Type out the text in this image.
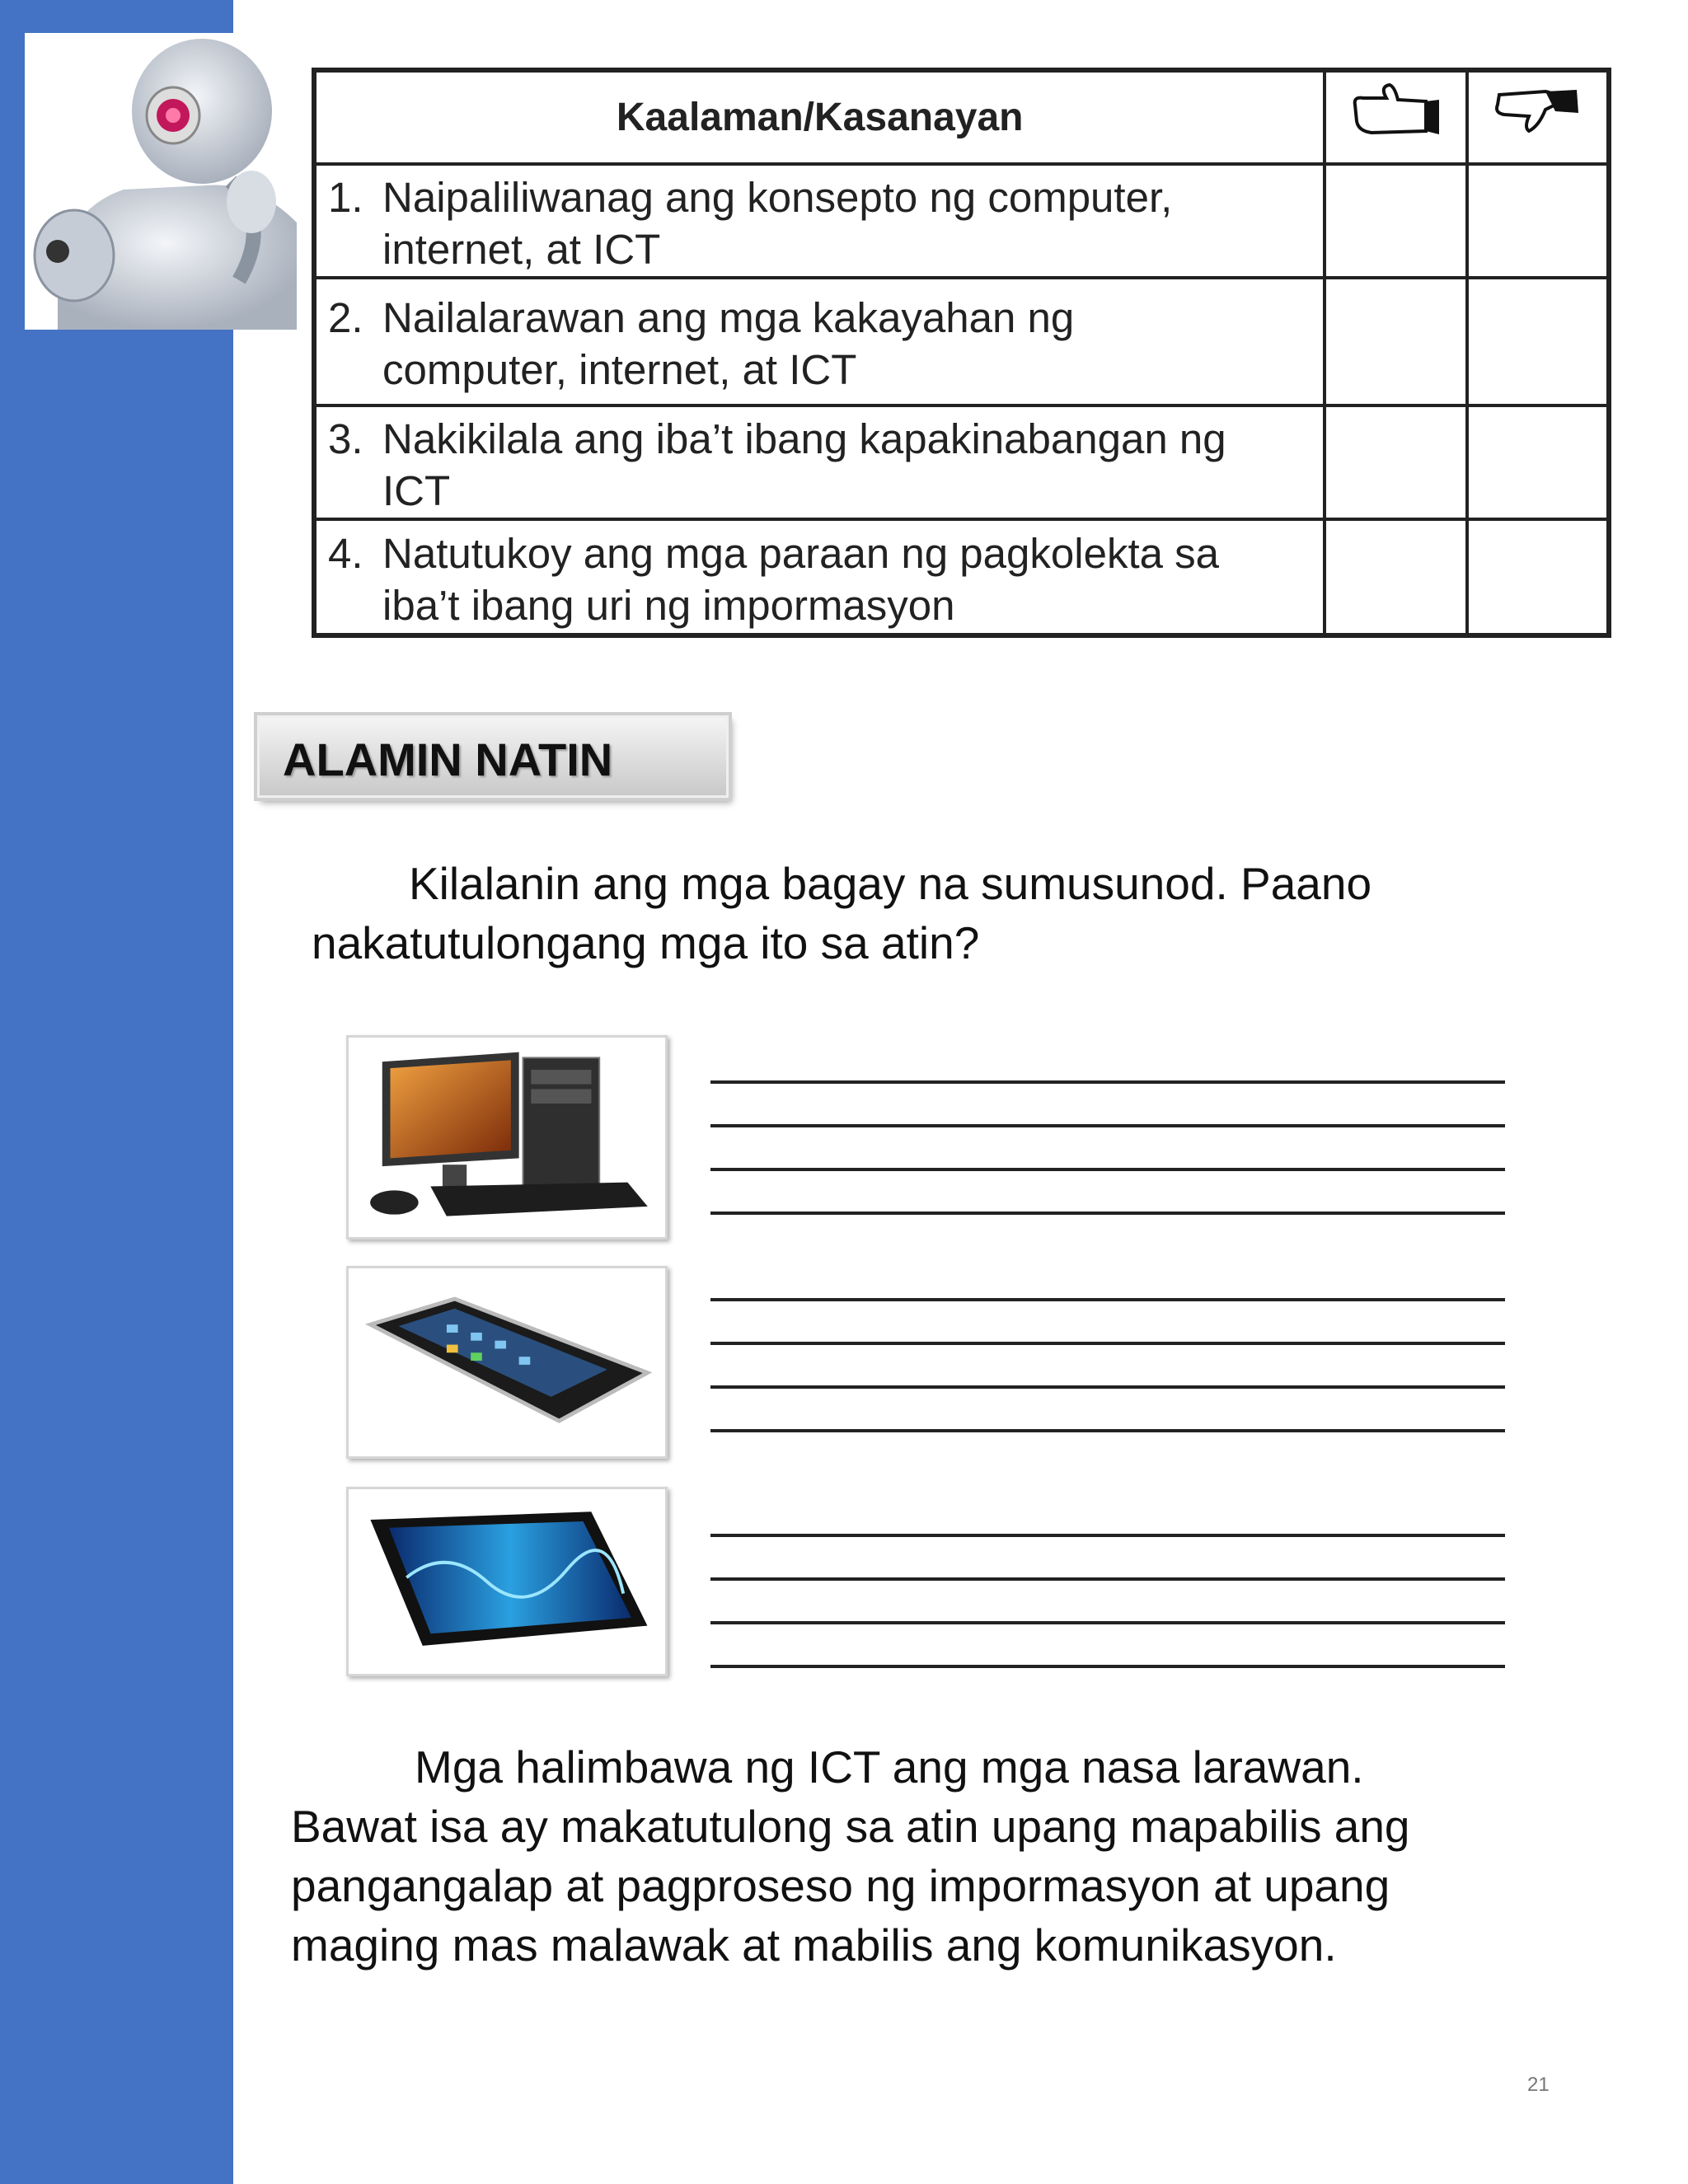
Kaalaman/Kasanayan		

1. Naipaliliwanag ang konsepto ng computer,
internet, at ICT		

2. Nailalarawan ang mga kakayahan ng
computer, internet, at ICT		

3. Nakikilala ang iba’t ibang kapakinabangan ng
ICT		

4. Natutukoy ang mga paraan ng pagkolekta sa
iba’t ibang uri ng impormasyon		

ALAMIN NATIN
Kilalanin ang mga bagay na sumusunod. Paano
nakatutulongang mga ito sa atin?
Mga halimbawa ng ICT ang mga nasa larawan.
Bawat isa ay makatutulong sa atin upang mapabilis ang
pangangalap at pagproseso ng impormasyon at upang
maging mas malawak at mabilis ang komunikasyon.
21
